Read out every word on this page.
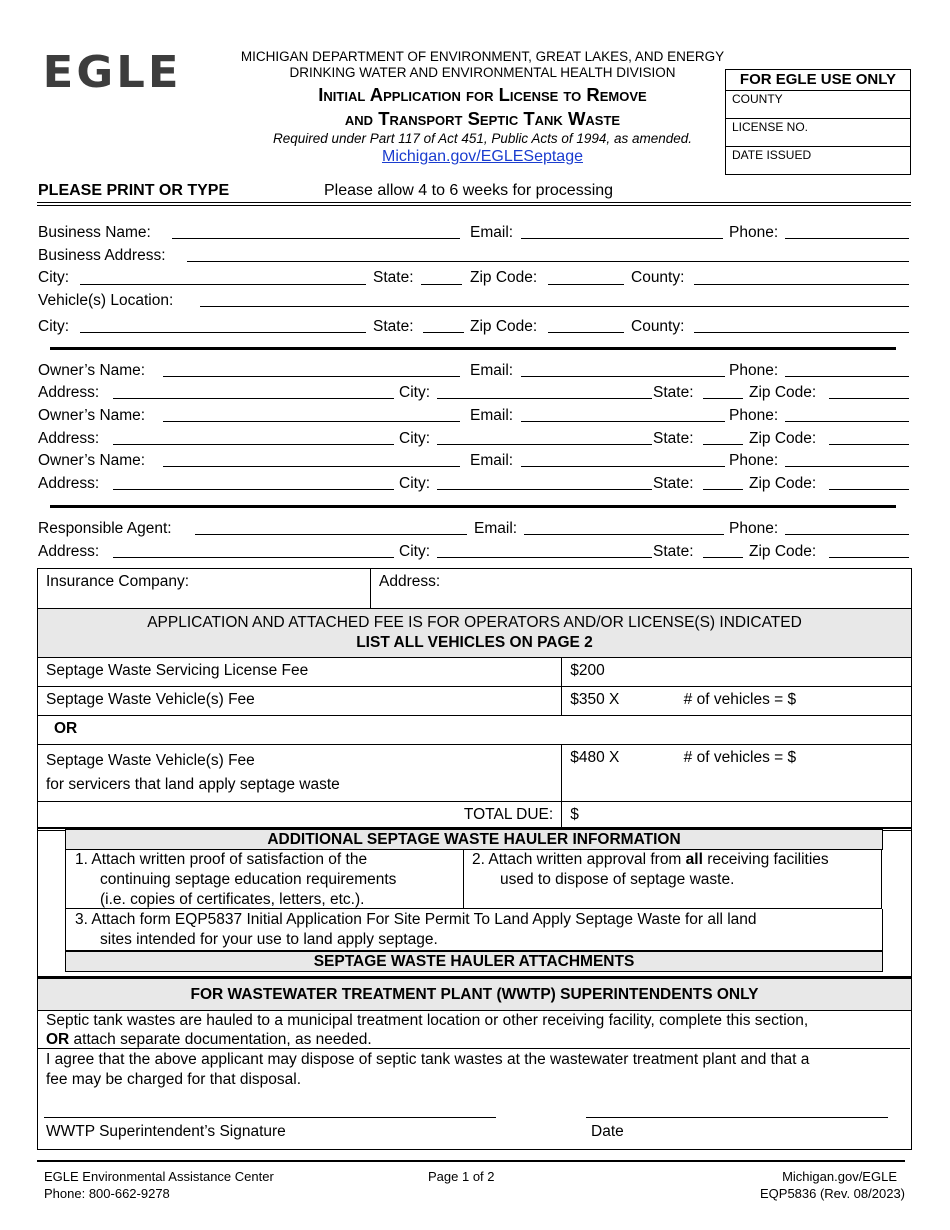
EGLE	MICHIGAN DEPARTMENT OF ENVIRONMENT, GREAT LAKES, AND ENERGY
DRINKING WATER AND ENVIRONMENTAL HEALTH DIVISION
Initial Application for License to Remove
and Transport Septic Tank Waste
Required under Part 117 of Act 451, Public Acts of 1994, as amended.
Michigan.gov/EGLESeptage
FOR EGLE USE ONLY
COUNTY
LICENSE NO.
DATE ISSUED
PLEASE PRINT OR TYPE	Please allow 4 to 6 weeks for processing
Business Name:	Email:	Phone:
Business Address:
City:	State:	Zip Code:	County:
Vehicle(s) Location:
City:	State:	Zip Code:	County:
Owner’s Name:	Email:	Phone:
Address:	City:	State:	Zip Code:
Owner’s Name:	Email:	Phone:
Address:	City:	State:	Zip Code:
Owner’s Name:	Email:	Phone:
Address:	City:	State:	Zip Code:
Responsible Agent:	Email:	Phone:
Address:	City:	State:	Zip Code:
Insurance Company:	Address:	

APPLICATION AND ATTACHED FEE IS FOR OPERATORS AND/OR LICENSE(S) INDICATED
LIST ALL VEHICLES ON PAGE 2		

Septage Waste Servicing License Fee		$200
Septage Waste Vehicle(s) Fee		$350 X # of vehicles = $
OR		

Septage Waste Vehicle(s) Fee
for servicers that land apply septage waste		$480 X # of vehicles = $
TOTAL DUE:		$
ADDITIONAL SEPTAGE WASTE HAULER INFORMATION
1. Attach written proof of satisfaction of the
continuing septage education requirements
(i.e. copies of certificates, letters, etc.).
2. Attach written approval from all receiving facilities
used to dispose of septage waste.
3. Attach form EQP5837 Initial Application For Site Permit To Land Apply Septage Waste for all land
sites intended for your use to land apply septage.
SEPTAGE WASTE HAULER ATTACHMENTS
FOR WASTEWATER TREATMENT PLANT (WWTP) SUPERINTENDENTS ONLY
Septic tank wastes are hauled to a municipal treatment location or other receiving facility, complete this section,
OR attach separate documentation, as needed.
I agree that the above applicant may dispose of septic tank wastes at the wastewater treatment plant and that a
fee may be charged for that disposal.
WWTP Superintendent’s Signature	Date
EGLE Environmental Assistance Center
Phone: 800-662-9278
Page 1 of 2	Michigan.gov/EGLE
EQP5836 (Rev. 08/2023)
